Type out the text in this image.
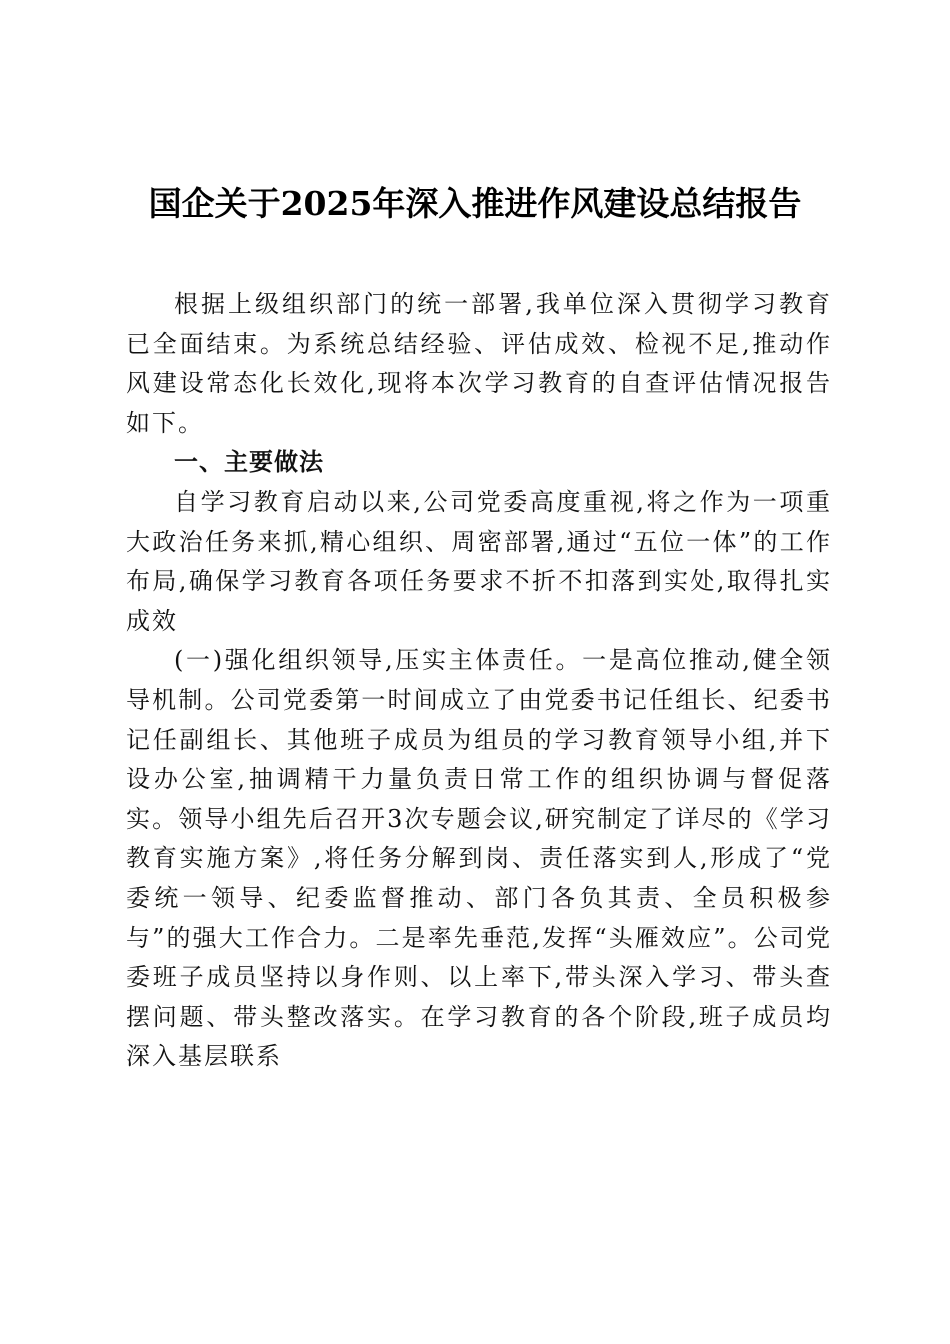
国企关于2025年深入推进作风建设总结报告

根据上级组织部门的统一部署,我单位深入贯彻学习教育已全面结束。为系统总结经验、评估成效、检视不足,推动作风建设常态化长效化,现将本次学习教育的自查评估情况报告如下。

一、主要做法

自学习教育启动以来,公司党委高度重视,将之作为一项重大政治任务来抓,精心组织、周密部署,通过“五位一体”的工作布局,确保学习教育各项任务要求不折不扣落到实处,取得扎实成效

(一)强化组织领导,压实主体责任。一是高位推动,健全领导机制。公司党委第一时间成立了由党委书记任组长、纪委书记任副组长、其他班子成员为组员的学习教育领导小组,并下设办公室,抽调精干力量负责日常工作的组织协调与督促落实。领导小组先后召开3次专题会议,研究制定了详尽的《学习教育实施方案》,将任务分解到岗、责任落实到人,形成了“党委统一领导、纪委监督推动、部门各负其责、全员积极参与”的强大工作合力。二是率先垂范,发挥“头雁效应”。公司党委班子成员坚持以身作则、以上率下,带头深入学习、带头查摆问题、带头整改落实。在学习教育的各个阶段,班子成员均深入基层联系
